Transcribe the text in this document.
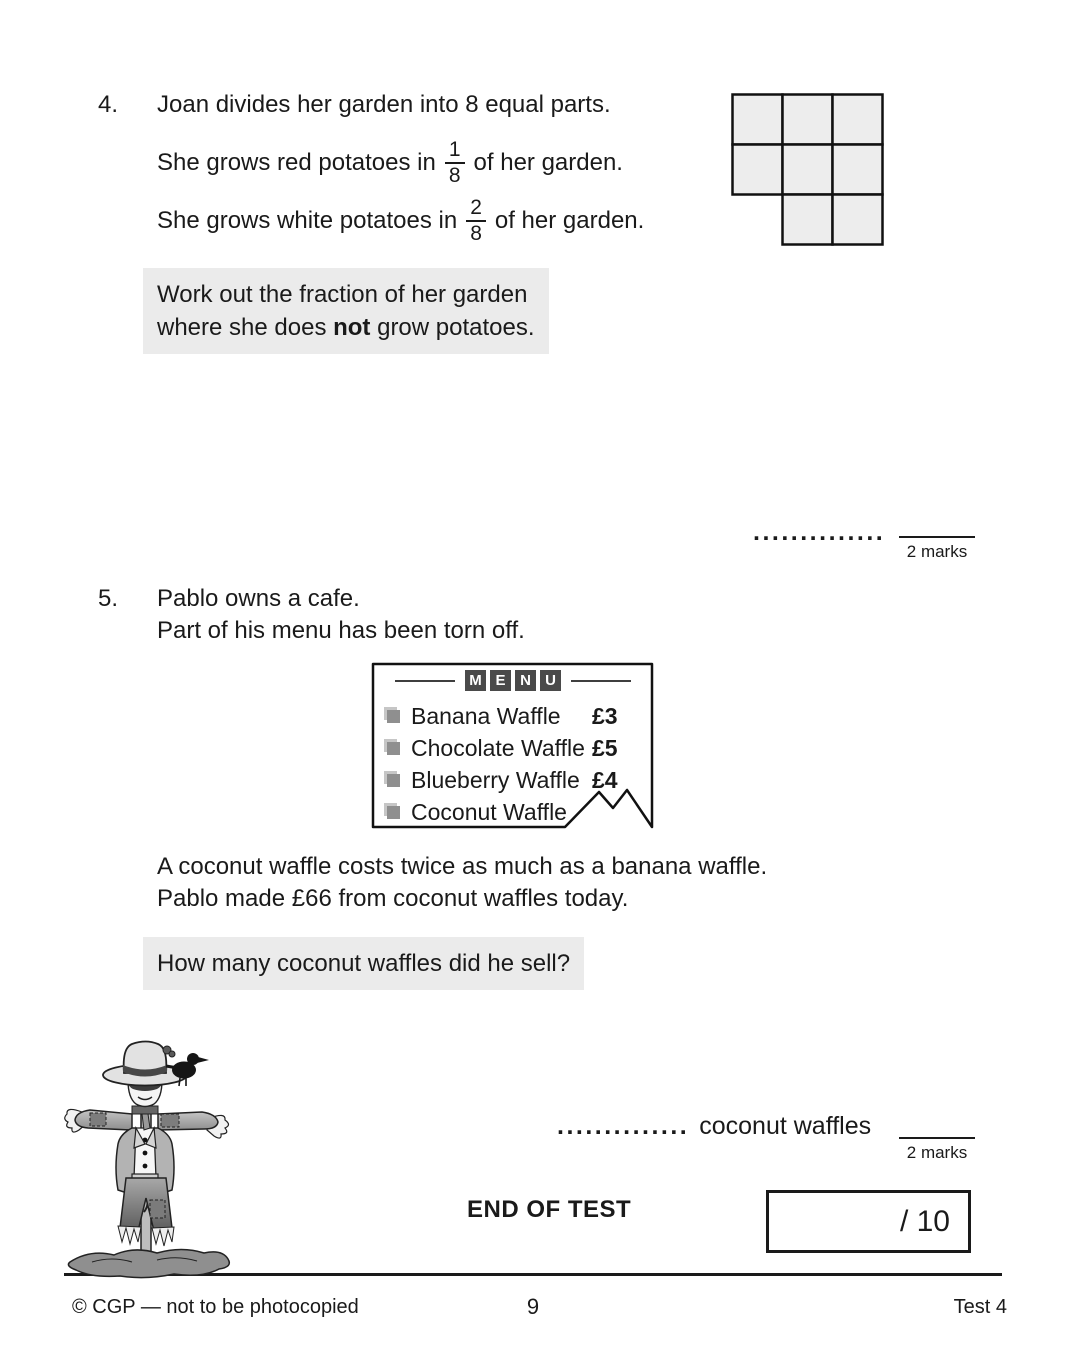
4. Joan divides her garden into 8 equal parts.
She grows red potatoes in $\frac{1}{8}$ of her garden.
She grows white potatoes in $\frac{2}{8}$ of her garden.
Work out the fraction of her garden
where she does not grow potatoes.
..............
2 marks
5. Pablo owns a cafe.
Part of his menu has been torn off.
M E N U
Banana Waffle £3
Chocolate Waffle £5
Blueberry Waffle £4
Coconut Waffle
A coconut waffle costs twice as much as a banana waffle.
Pablo made £66 from coconut waffles today.
How many coconut waffles did he sell?
.............. coconut waffles
2 marks
END OF TEST	/ 10
© CGP — not to be photocopied	9	Test 4
